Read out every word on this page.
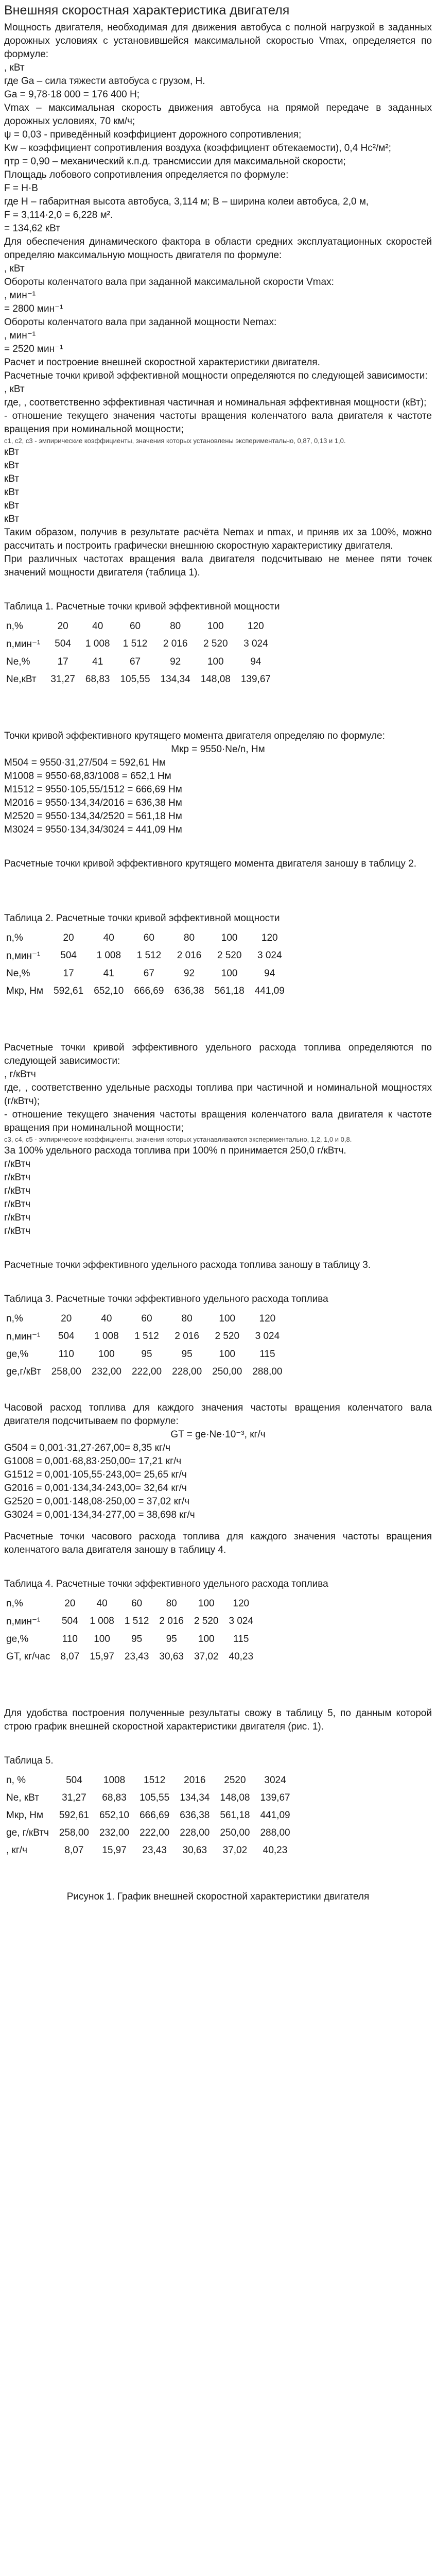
Внешняя скоростная характеристика двигателя

Мощность двигателя, необходимая для движения автобуса с полной нагрузкой в заданных дорожных условиях с установившейся максимальной скоростью Vmax, определяется по формуле:

, кВт

где Gа – сила тяжести автобуса с грузом, Н.

Gа = 9,78·18 000 = 176 400 Н;

Vmax – максимальная скорость движения автобуса на прямой передаче в заданных дорожных условиях, 70 км/ч;

ψ = 0,03 - приведённый коэффициент дорожного сопротивления;

Kw – коэффициент сопротивления воздуха (коэффициент обтекаемости), 0,4 Нс²/м²;

ηтр = 0,90 – механический к.п.д. трансмиссии для максимальной скорости;

Площадь лобового сопротивления определяется по формуле:

F = H·B

где H – габаритная высота автобуса, 3,114 м; B – ширина колеи автобуса, 2,0 м,

F = 3,114·2,0 = 6,228 м².

= 134,62 кВт

Для обеспечения динамического фактора в области средних эксплуатационных скоростей определяю максимальную мощность двигателя по формуле:

, кВт

Обороты коленчатого вала при заданной максимальной скорости Vmax:

, мин⁻¹

= 2800 мин⁻¹

Обороты коленчатого вала при заданной мощности Nemax:

, мин⁻¹

= 2520 мин⁻¹

Расчет и построение внешней скоростной характеристики двигателя.

Расчетные точки кривой эффективной мощности определяются по следующей зависимости:

, кВт

где, , соответственно эффективная частичная и номинальная эффективная мощности (кВт);

- отношение текущего значения частоты вращения коленчатого вала двигателя к частоте вращения при номинальной мощности;

с1, с2, с3 - эмпирические коэффициенты, значения которых установлены экспериментально, 0,87, 0,13 и 1,0.

кВт

кВт

кВт

кВт

кВт

кВт

Таким образом, получив в результате расчёта Nemax и nmax, и приняв их за 100%, можно рассчитать и построить графически внешнюю скоростную характеристику двигателя.

При различных частотах вращения вала двигателя подсчитываю не менее пяти точек значений мощности двигателя (таблица 1).

Таблица 1. Расчетные точки кривой эффективной мощности

n,%	20	40	60	80	100	120
n,мин⁻¹	504	1 008	1 512	2 016	2 520	3 024
Ne,%	17	41	67	92	100	94
Ne,кВт	31,27	68,83	105,55	134,34	148,08	139,67

Точки кривой эффективного крутящего момента двигателя определяю по формуле:

Mкр = 9550·Ne/n, Нм

M504 = 9550·31,27/504 = 592,61 Нм

M1008 = 9550·68,83/1008 = 652,1 Нм

M1512 = 9550·105,55/1512 = 666,69 Нм

M2016 = 9550·134,34/2016 = 636,38 Нм

M2520 = 9550·134,34/2520 = 561,18 Нм

M3024 = 9550·134,34/3024 = 441,09 Нм

Расчетные точки кривой эффективного крутящего момента двигателя заношу в таблицу 2.

Таблица 2. Расчетные точки кривой эффективной мощности

n,%	20	40	60	80	100	120
n,мин⁻¹	504	1 008	1 512	2 016	2 520	3 024
Ne,%	17	41	67	92	100	94
Mкр, Нм	592,61	652,10	666,69	636,38	561,18	441,09

Расчетные точки кривой эффективного удельного расхода топлива определяются по следующей зависимости:

, г/кВтч

где, , соответственно удельные расходы топлива при частичной и номинальной мощностях (г/кВтч);

- отношение текущего значения частоты вращения коленчатого вала двигателя к частоте вращения при номинальной мощности;

с3, с4, с5 - эмпирические коэффициенты, значения которых устанавливаются экспериментально, 1,2, 1,0 и 0,8.

За 100% удельного расхода топлива при 100% n принимается 250,0 г/кВтч.

г/кВтч

г/кВтч

г/кВтч

г/кВтч

г/кВтч

г/кВтч

Расчетные точки эффективного удельного расхода топлива заношу в таблицу 3.

Таблица 3. Расчетные точки эффективного удельного расхода топлива

n,%	20	40	60	80	100	120
n,мин⁻¹	504	1 008	1 512	2 016	2 520	3 024
ge,%	110	100	95	95	100	115
ge,г/кВт	258,00	232,00	222,00	228,00	250,00	288,00

Часовой расход топлива для каждого значения частоты вращения коленчатого вала двигателя подсчитываем по формуле:

GT = ge·Ne·10⁻³, кг/ч

G504 = 0,001·31,27·267,00= 8,35 кг/ч

G1008 = 0,001·68,83·250,00= 17,21 кг/ч

G1512 = 0,001·105,55·243,00= 25,65 кг/ч

G2016 = 0,001·134,34·243,00= 32,64 кг/ч

G2520 = 0,001·148,08·250,00 = 37,02 кг/ч

G3024 = 0,001·134,34·277,00 = 38,698 кг/ч

Расчетные точки часового расхода топлива для каждого значения частоты вращения коленчатого вала двигателя заношу в таблицу 4.

Таблица 4. Расчетные точки эффективного удельного расхода топлива

n,%	20	40	60	80	100	120
n,мин⁻¹	504	1 008	1 512	2 016	2 520	3 024
ge,%	110	100	95	95	100	115
GT, кг/час	8,07	15,97	23,43	30,63	37,02	40,23

Для удобства построения полученные результаты свожу в таблицу 5, по данным которой строю график внешней скоростной характеристики двигателя (рис. 1).

Таблица 5.

n, %	504	1008	1512	2016	2520	3024
Ne, кВт	31,27	68,83	105,55	134,34	148,08	139,67
Mкр, Нм	592,61	652,10	666,69	636,38	561,18	441,09
ge, г/кВтч	258,00	232,00	222,00	228,00	250,00	288,00
, кг/ч	8,07	15,97	23,43	30,63	37,02	40,23

Рисунок 1. График внешней скоростной характеристики двигателя
